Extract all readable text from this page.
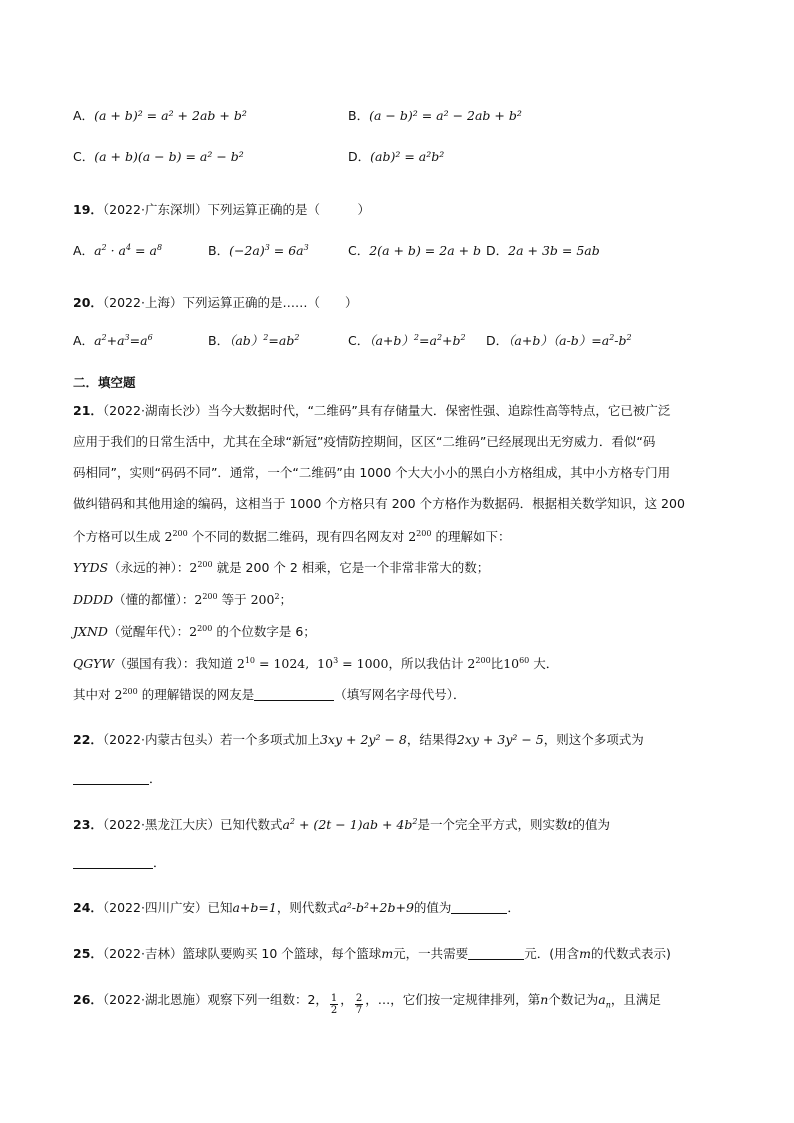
A．(a + b)² = a² + 2ab + b²	B．(a − b)² = a² − 2ab + b²
C．(a + b)(a − b) = a² − b²	D．(ab)² = a²b²
19．（2022·广东深圳）下列运算正确的是（　　　）
A．$a^2 \cdot a^4 = a^8$	B．$(-2a)^3 = 6a^3$	C．2(a + b) = 2a + b D．2a + 3b = 5ab
20．（2022·上海）下列运算正确的是……（　　）
A．$a^2+a^3=a^6$	B．$(ab)^2=ab^2$	C．$(a+b)^2=a^2+b^2$ D．$(a+b)(a-b)=a^2-b^2$
二．填空题
21．（2022·湖南长沙）当今大数据时代，“二维码”具有存储量大．保密性强、追踪性高等特点，它已被广泛
应用于我们的日常生活中，尤其在全球“新冠”疫情防控期间，区区“二维码”已经展现出无穷威力．看似“码
码相同”，实则“码码不同”．通常，一个“二维码”由 1000 个大大小小的黑白小方格组成，其中小方格专门用
做纠错码和其他用途的编码，这相当于 1000 个方格只有 200 个方格作为数据码．根据相关数学知识，这 200
个方格可以生成 $2^{200}$ 个不同的数据二维码，现有四名网友对 $2^{200}$ 的理解如下：
YYDS（永远的神）：$2^{200}$ 就是 200 个 2 相乘，它是一个非常非常大的数；
DDDD（懂的都懂）：$2^{200}$ 等于 $200^2$；
JXND（觉醒年代）：$2^{200}$ 的个位数字是 6；
QGYW（强国有我）：我知道 $2^{10} = 1024$,  $10^3 = 1000$，所以我估计 $2^{200}$比$10^{60}$ 大．
其中对 $2^{200}$ 的理解错误的网友是	（填写网名字母代号）．
22．（2022·内蒙古包头）若一个多项式加上3xy + 2y² − 8，结果得2xy + 3y² − 5，则这个多项式为
．
23．（2022·黑龙江大庆）已知代数式$a^2 + (2t - 1)ab + 4b^2$是一个完全平方式，则实数t的值为
．
24．（2022·四川广安）已知a+b=1，则代数式a²-b²+2b+9的值为	．
25．（2022·吉林）篮球队要购买 10 个篮球，每个篮球m元，一共需要	元．(用含m的代数式表示)
26．（2022·湖北恩施）观察下列一组数：2， $\frac{1}{2}$ ， $\frac{2}{7}$ ，…，它们按一定规律排列，第n个数记为$a_n$，且满足
